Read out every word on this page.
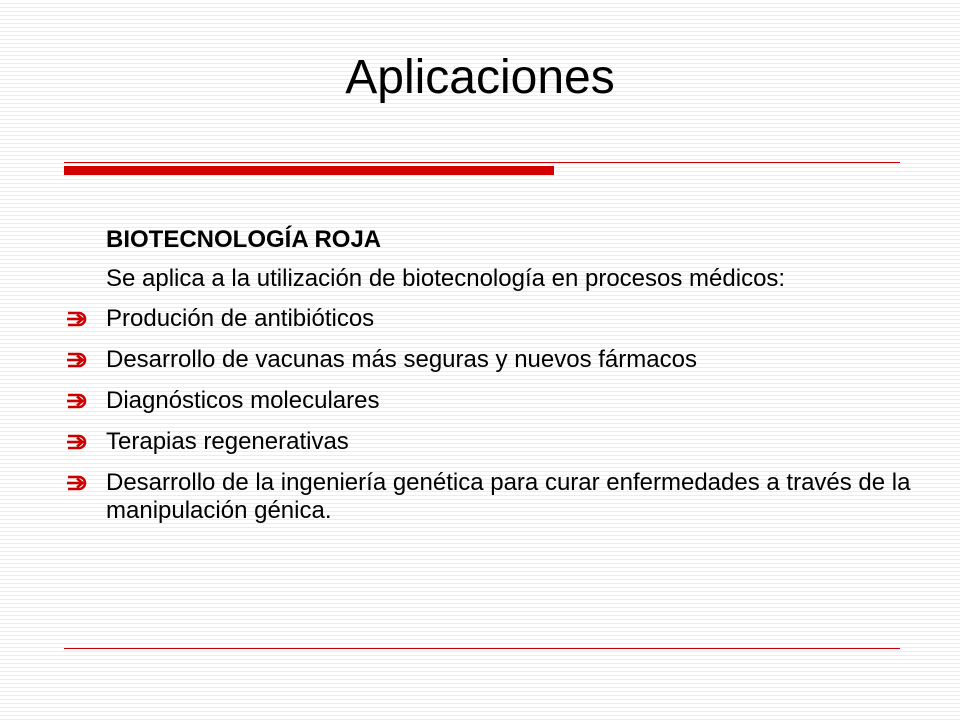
Aplicaciones
BIOTECNOLOGÍA ROJA
Se aplica a la utilización de biotecnología en procesos médicos:
Produción de antibióticos
Desarrollo de vacunas más seguras y nuevos fármacos
Diagnósticos moleculares
Terapias regenerativas
Desarrollo de la ingeniería genética para curar enfermedades a través de la manipulación génica.
